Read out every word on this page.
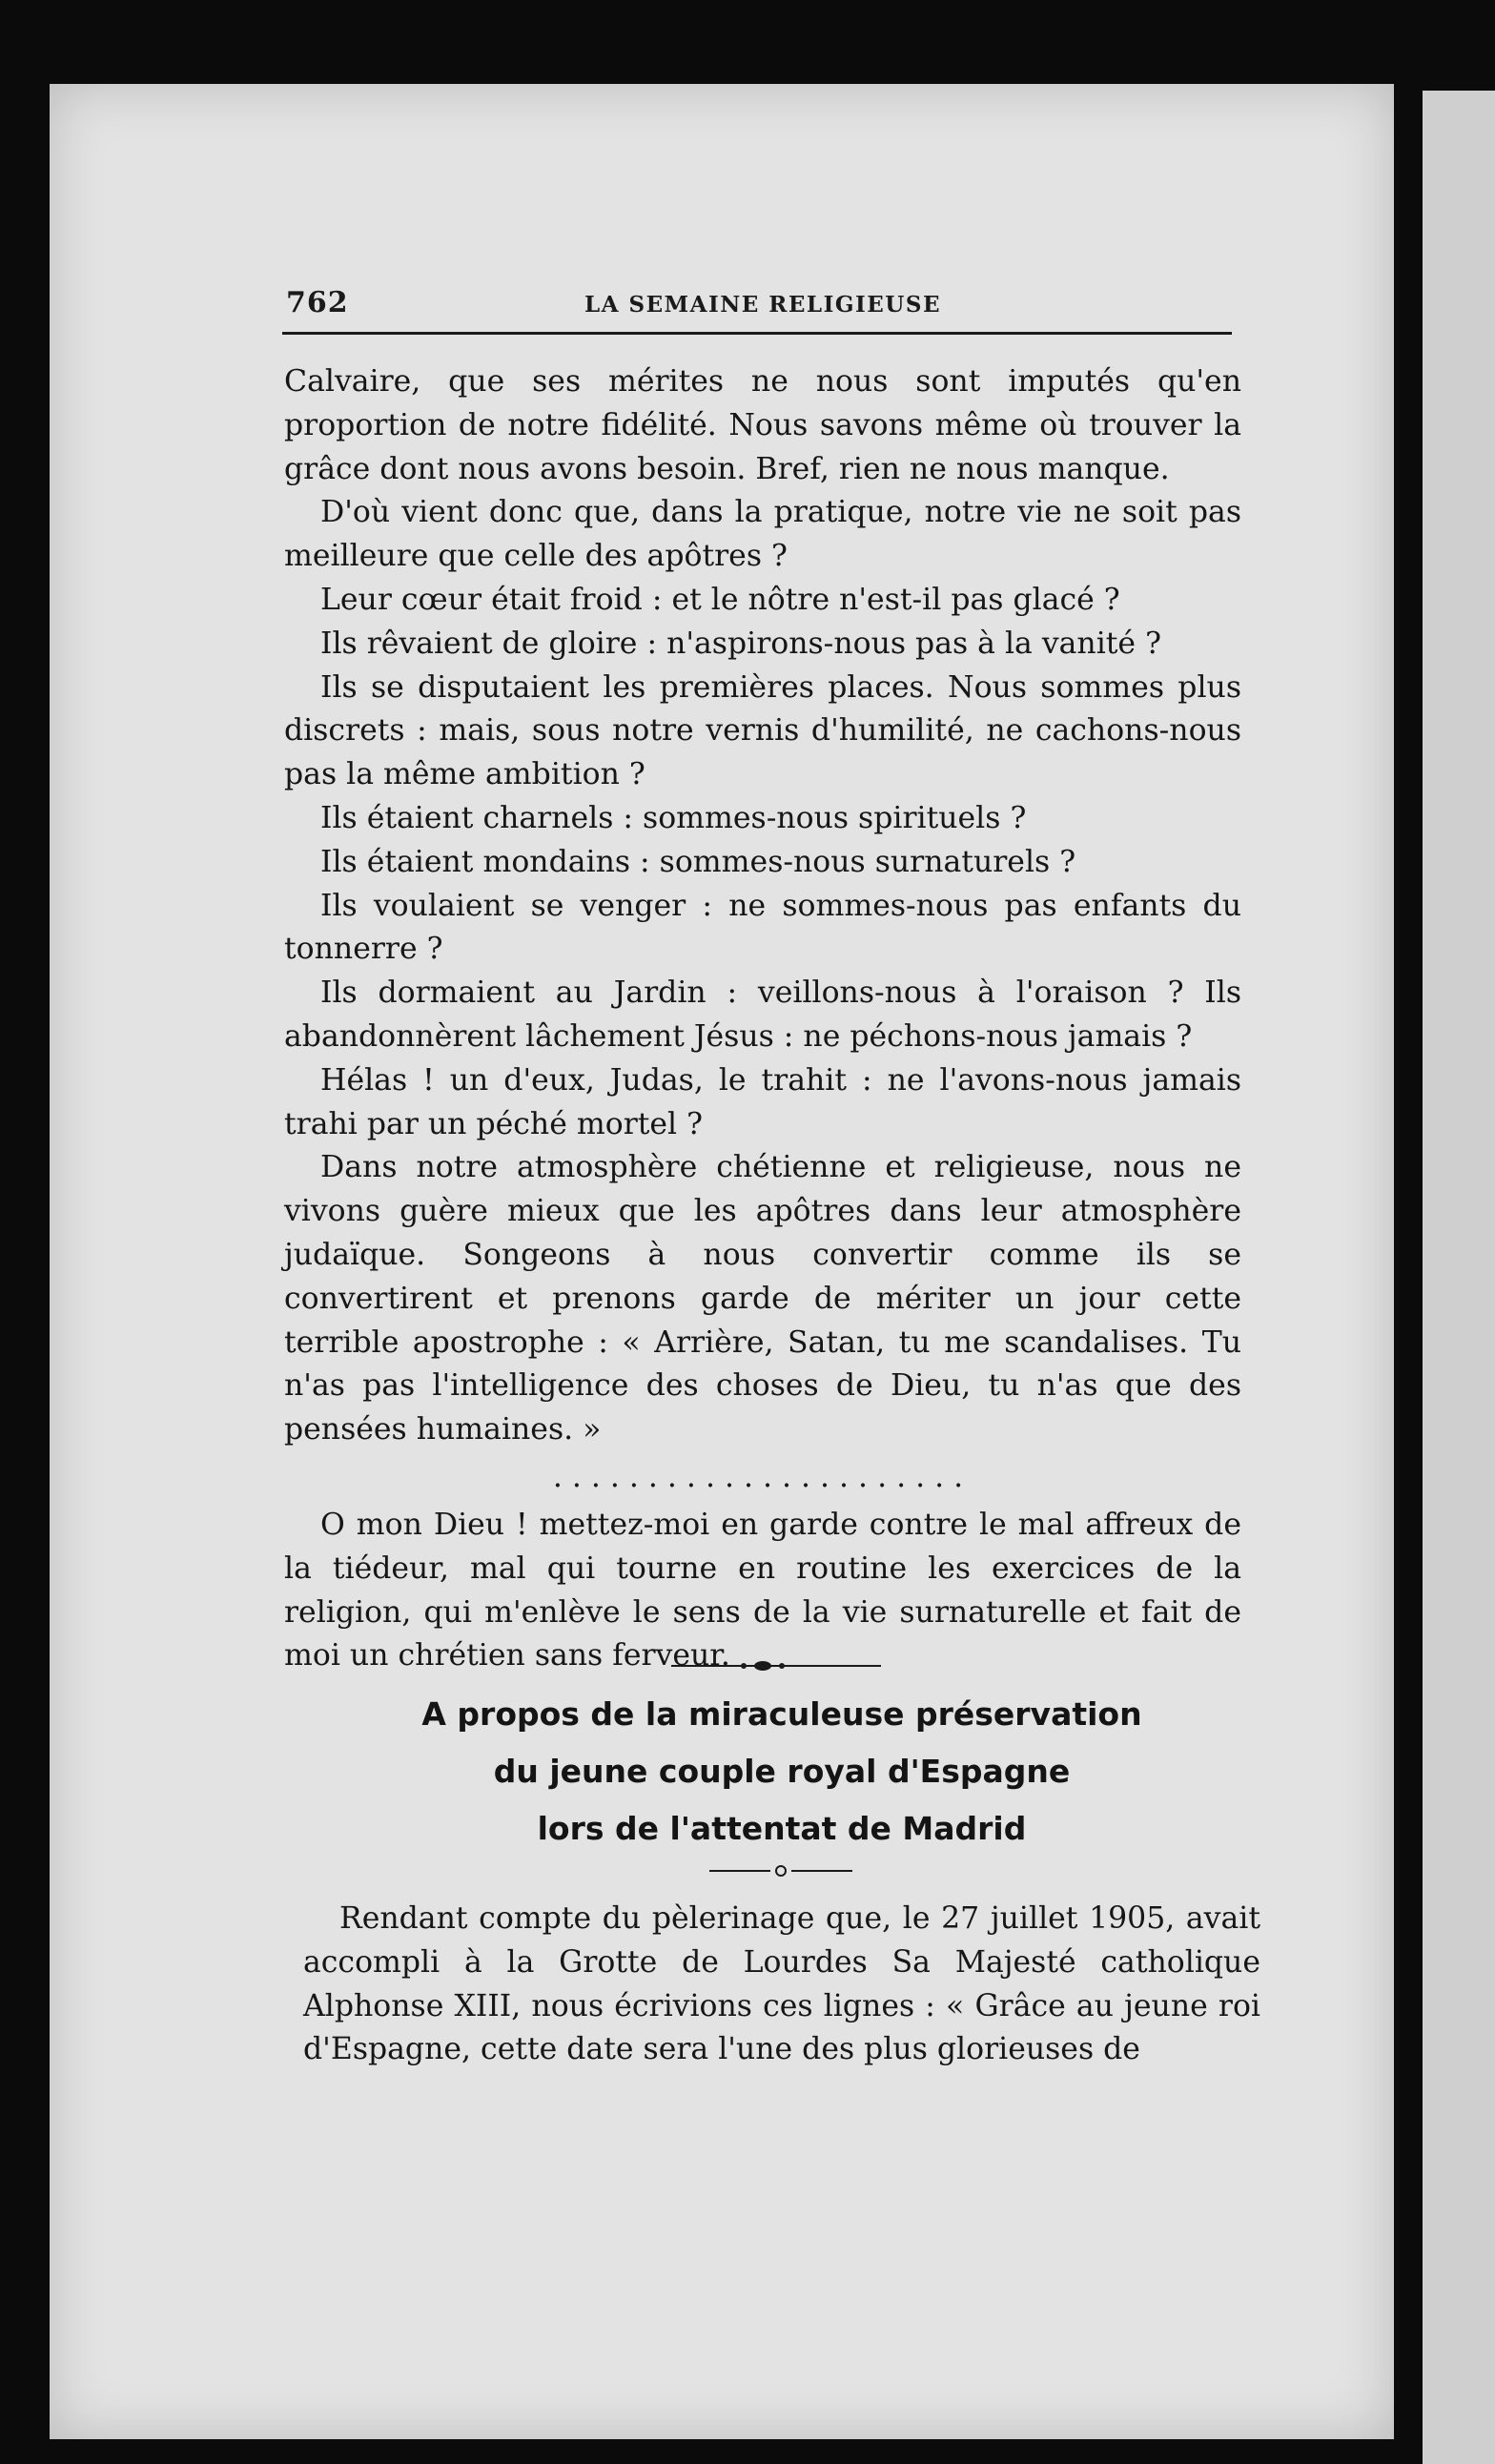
762	LA SEMAINE RELIGIEUSE

Calvaire, que ses mérites ne nous sont imputés qu'en proportion de notre fidélité. Nous savons même où trouver la grâce dont nous avons besoin. Bref, rien ne nous manque.

D'où vient donc que, dans la pratique, notre vie ne soit pas meilleure que celle des apôtres ?

Leur cœur était froid : et le nôtre n'est-il pas glacé ?

Ils rêvaient de gloire : n'aspirons-nous pas à la vanité ?

Ils se disputaient les premières places. Nous sommes plus discrets : mais, sous notre vernis d'humilité, ne cachons-nous pas la même ambition ?

Ils étaient charnels : sommes-nous spirituels ?

Ils étaient mondains : sommes-nous surnaturels ?

Ils voulaient se venger : ne sommes-nous pas enfants du tonnerre ?

Ils dormaient au Jardin : veillons-nous à l'oraison ? Ils abandonnèrent lâchement Jésus : ne péchons-nous jamais ?

Hélas ! un d'eux, Judas, le trahit : ne l'avons-nous jamais trahi par un péché mortel ?

Dans notre atmosphère chétienne et religieuse, nous ne vivons guère mieux que les apôtres dans leur atmosphère judaïque. Songeons à nous convertir comme ils se convertirent et prenons garde de mériter un jour cette terrible apostrophe : « Arrière, Satan, tu me scandalises. Tu n'as pas l'intelligence des choses de Dieu, tu n'as que des pensées humaines. »

......................

O mon Dieu ! mettez-moi en garde contre le mal affreux de la tiédeur, mal qui tourne en routine les exercices de la religion, qui m'enlève le sens de la vie surnaturelle et fait de moi un chrétien sans ferveur.

A propos de la miraculeuse préservation
du jeune couple royal d'Espagne
lors de l'attentat de Madrid

Rendant compte du pèlerinage que, le 27 juillet 1905, avait accompli à la Grotte de Lourdes Sa Majesté catholique Alphonse XIII, nous écrivions ces lignes : « Grâce au jeune roi d'Espagne, cette date sera l'une des plus glorieuses de
